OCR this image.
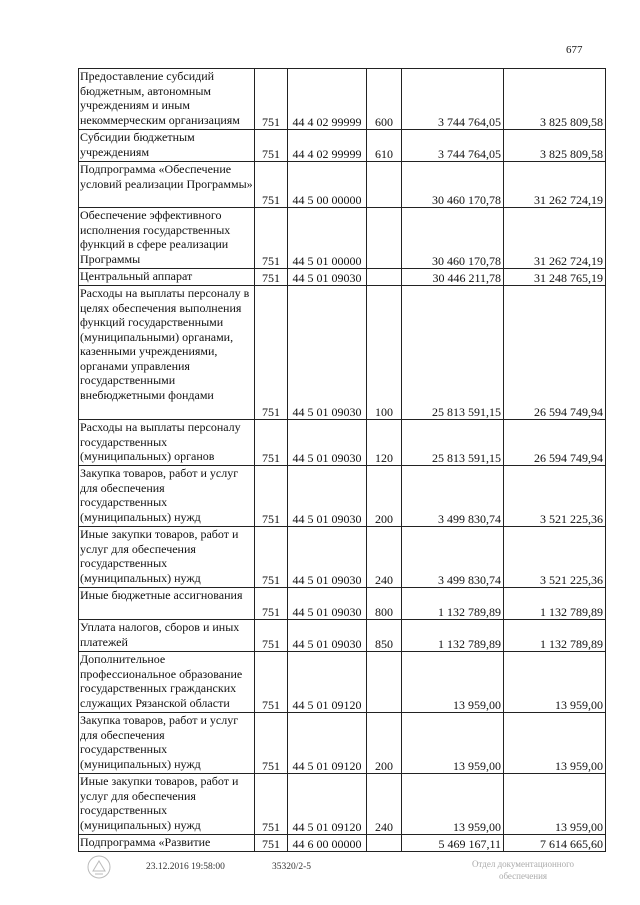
677
Предоставление субсидий бюджетным, автономным учреждениям и иным некоммерческим организациям	751	44 4 02 99999	600	3 744 764,05	3 825 809,58
Субсидии бюджетным учреждениям	751	44 4 02 99999	610	3 744 764,05	3 825 809,58
Подпрограмма «Обеспечение условий реализации Программы»	751	44 5 00 00000		30 460 170,78	31 262 724,19
Обеспечение эффективного исполнения государственных функций в сфере реализации Программы	751	44 5 01 00000		30 460 170,78	31 262 724,19
Центральный аппарат	751	44 5 01 09030		30 446 211,78	31 248 765,19
Расходы на выплаты персоналу в целях обеспечения выполнения функций государственными (муниципальными) органами, казенными учреждениями, органами управления государственными внебюджетными фондами	751	44 5 01 09030	100	25 813 591,15	26 594 749,94
Расходы на выплаты персоналу государственных (муниципальных) органов	751	44 5 01 09030	120	25 813 591,15	26 594 749,94
Закупка товаров, работ и услуг для обеспечения государственных (муниципальных) нужд	751	44 5 01 09030	200	3 499 830,74	3 521 225,36
Иные закупки товаров, работ и услуг для обеспечения государственных (муниципальных) нужд	751	44 5 01 09030	240	3 499 830,74	3 521 225,36
Иные бюджетные ассигнования	751	44 5 01 09030	800	1 132 789,89	1 132 789,89
Уплата налогов, сборов и иных платежей	751	44 5 01 09030	850	1 132 789,89	1 132 789,89
Дополнительное профессиональное образование государственных гражданских служащих Рязанской области	751	44 5 01 09120		13 959,00	13 959,00
Закупка товаров, работ и услуг для обеспечения государственных (муниципальных) нужд	751	44 5 01 09120	200	13 959,00	13 959,00
Иные закупки товаров, работ и услуг для обеспечения государственных (муниципальных) нужд	751	44 5 01 09120	240	13 959,00	13 959,00
Подпрограмма «Развитие	751	44 6 00 00000		5 469 167,11	7 614 665,60
23.12.2016 19:58:00	35320/2-5	Отдел документационного обеспечения
